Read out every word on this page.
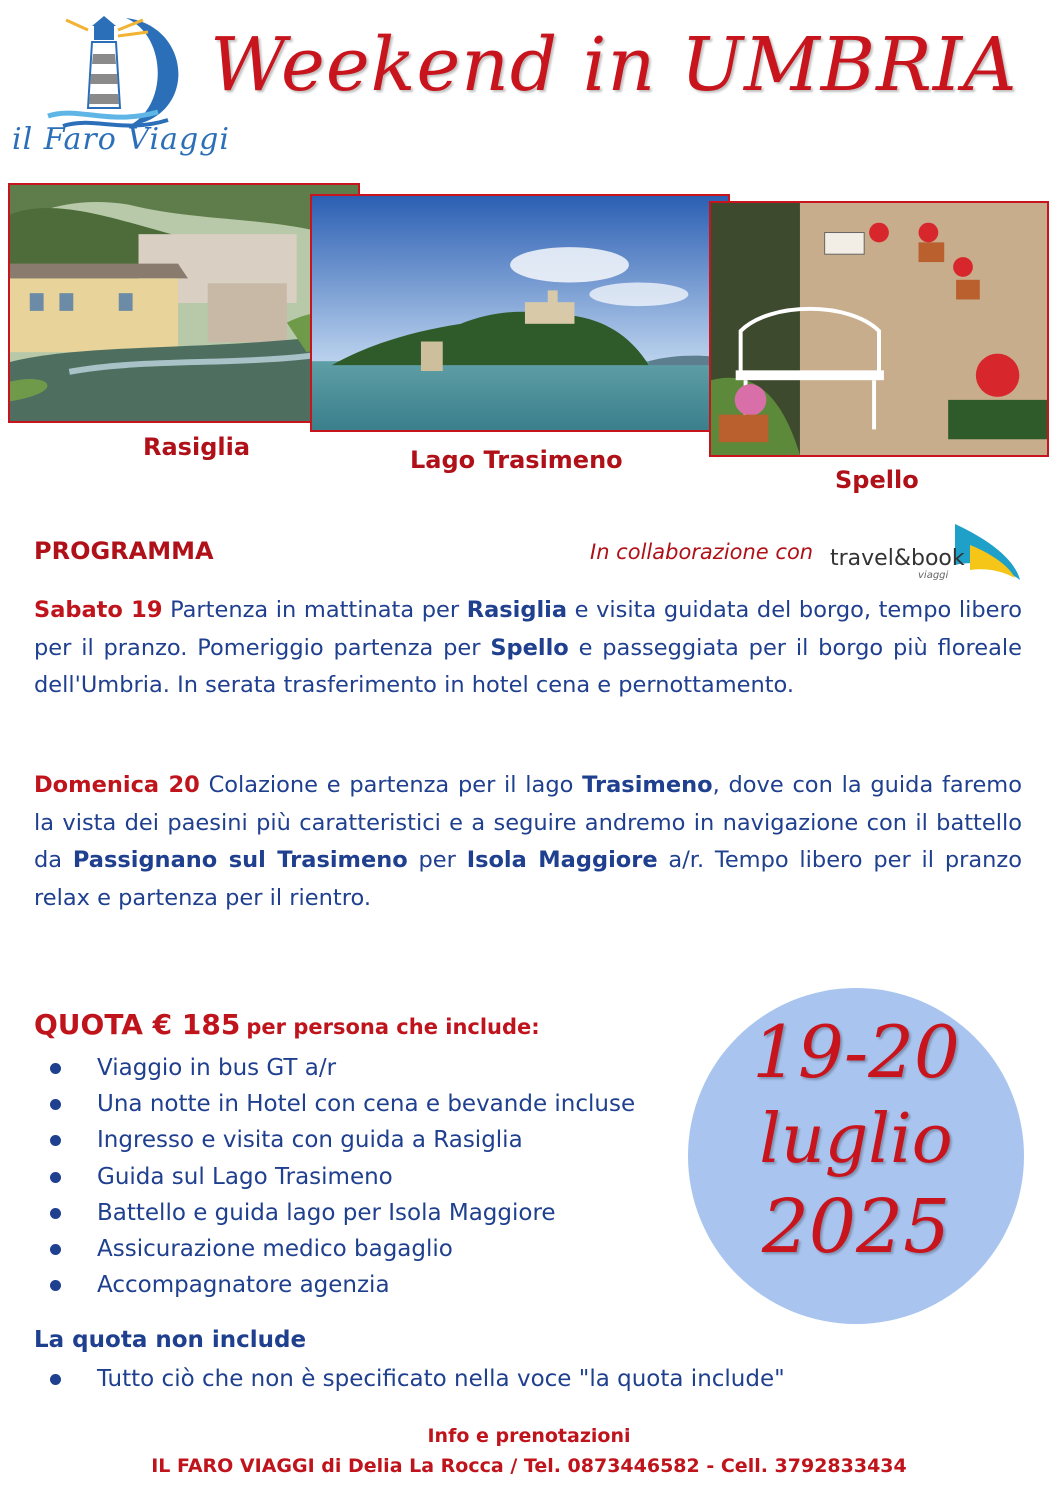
il Faro Viaggi
Weekend in UMBRIA
Rasiglia	Lago Trasimeno
Spello
PROGRAMMA	In collaborazione con travel&book
viaggi
Sabato 19 Partenza in mattinata per Rasiglia e visita guidata del borgo, tempo libero per il pranzo. Pomeriggio partenza per Spello e passeggiata per il borgo più floreale dell'Umbria. In serata trasferimento in hotel cena e pernottamento.
Domenica 20 Colazione e partenza per il lago Trasimeno, dove con la guida faremo la vista dei paesini più caratteristici e a seguire andremo in navigazione con il battello da Passignano sul Trasimeno per Isola Maggiore a/r. Tempo libero per il pranzo relax e partenza per il rientro.
QUOTA € 185 per persona che include:
Viaggio in bus GT a/r
Una notte in Hotel con cena e bevande incluse
Ingresso e visita con guida a Rasiglia
Guida sul Lago Trasimeno
Battello e guida lago per Isola Maggiore
Assicurazione medico bagaglio
Accompagnatore agenzia
La quota non include
Tutto ciò che non è specificato nella voce "la quota include"
19-20
luglio
2025
Info e prenotazioni
IL FARO VIAGGI di Delia La Rocca / Tel. 0873446582 - Cell. 3792833434
